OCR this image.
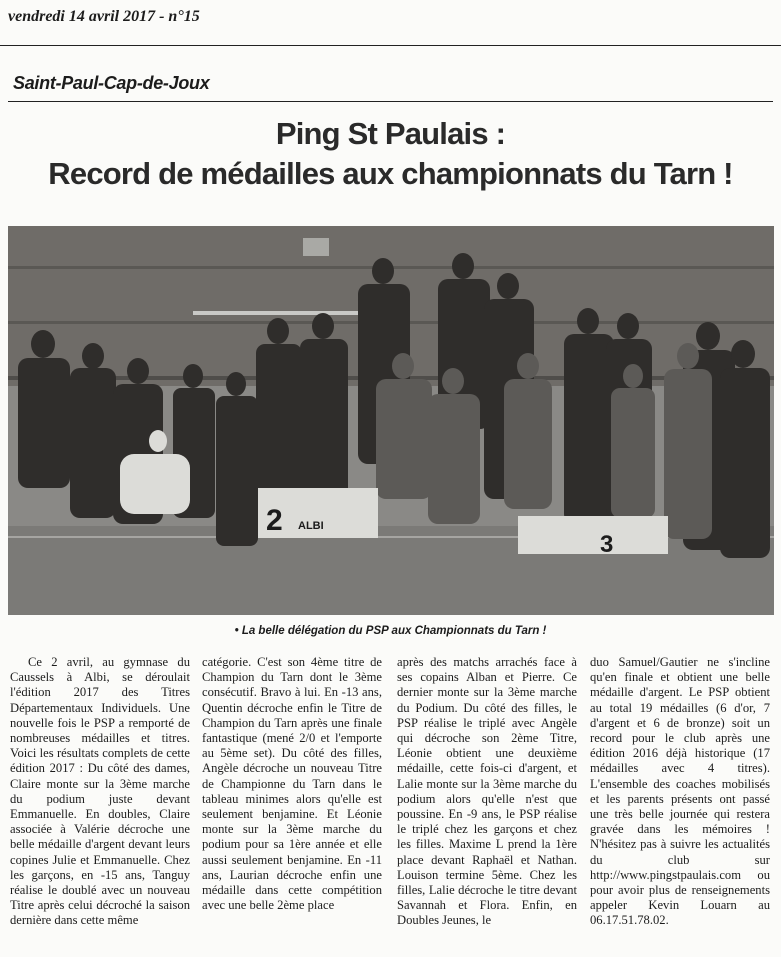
vendredi 14 avril 2017 - n°15
Saint-Paul-Cap-de-Joux
Ping St Paulais :
Record de médailles aux championnats du Tarn !
2 ALBI
3
• La belle délégation du PSP aux Championnats du Tarn !

Ce 2 avril, au gymnase du Caussels à Albi, se déroulait l'édition 2017 des Titres Départementaux Individuels. Une nouvelle fois le PSP a remporté de nombreuses médailles et titres. Voici les résultats complets de cette édition 2017 : Du côté des dames, Claire monte sur la 3ème marche du podium juste devant Emmanuelle. En doubles, Claire associée à Valérie décroche une belle médaille d'argent devant leurs copines Julie et Emmanuelle. Chez les garçons, en -15 ans, Tanguy réalise le doublé avec un nouveau Titre après celui décroché la saison dernière dans cette même

catégorie. C'est son 4ème titre de Champion du Tarn dont le 3ème consécutif. Bravo à lui. En -13 ans, Quentin décroche enfin le Titre de Champion du Tarn après une finale fantastique (mené 2/0 et l'emporte au 5ème set). Du côté des filles, Angèle décroche un nouveau Titre de Championne du Tarn dans le tableau minimes alors qu'elle est seulement benjamine. Et Léonie monte sur la 3ème marche du podium pour sa 1ère année et elle aussi seulement benjamine. En -11 ans, Laurian décroche enfin une médaille dans cette compétition avec une belle 2ème place

après des matchs arrachés face à ses copains Alban et Pierre. Ce dernier monte sur la 3ème marche du Podium. Du côté des filles, le PSP réalise le triplé avec Angèle qui décroche son 2ème Titre, Léonie obtient une deuxième médaille, cette fois-ci d'argent, et Lalie monte sur la 3ème marche du podium alors qu'elle n'est que poussine. En -9 ans, le PSP réalise le triplé chez les garçons et chez les filles. Maxime L prend la 1ère place devant Raphaël et Nathan. Louison termine 5ème. Chez les filles, Lalie décroche le titre devant Savannah et Flora. Enfin, en Doubles Jeunes, le

duo Samuel/Gautier ne s'incline qu'en finale et obtient une belle médaille d'argent. Le PSP obtient au total 19 médailles (6 d'or, 7 d'argent et 6 de bronze) soit un record pour le club après une édition 2016 déjà historique (17 médailles avec 4 titres). L'ensemble des coaches mobilisés et les parents présents ont passé une très belle journée qui restera gravée dans les mémoires ! N'hésitez pas à suivre les actualités du club sur http://www.pingstpaulais.com ou pour avoir plus de renseignements appeler Kevin Louarn au 06.17.51.78.02.
